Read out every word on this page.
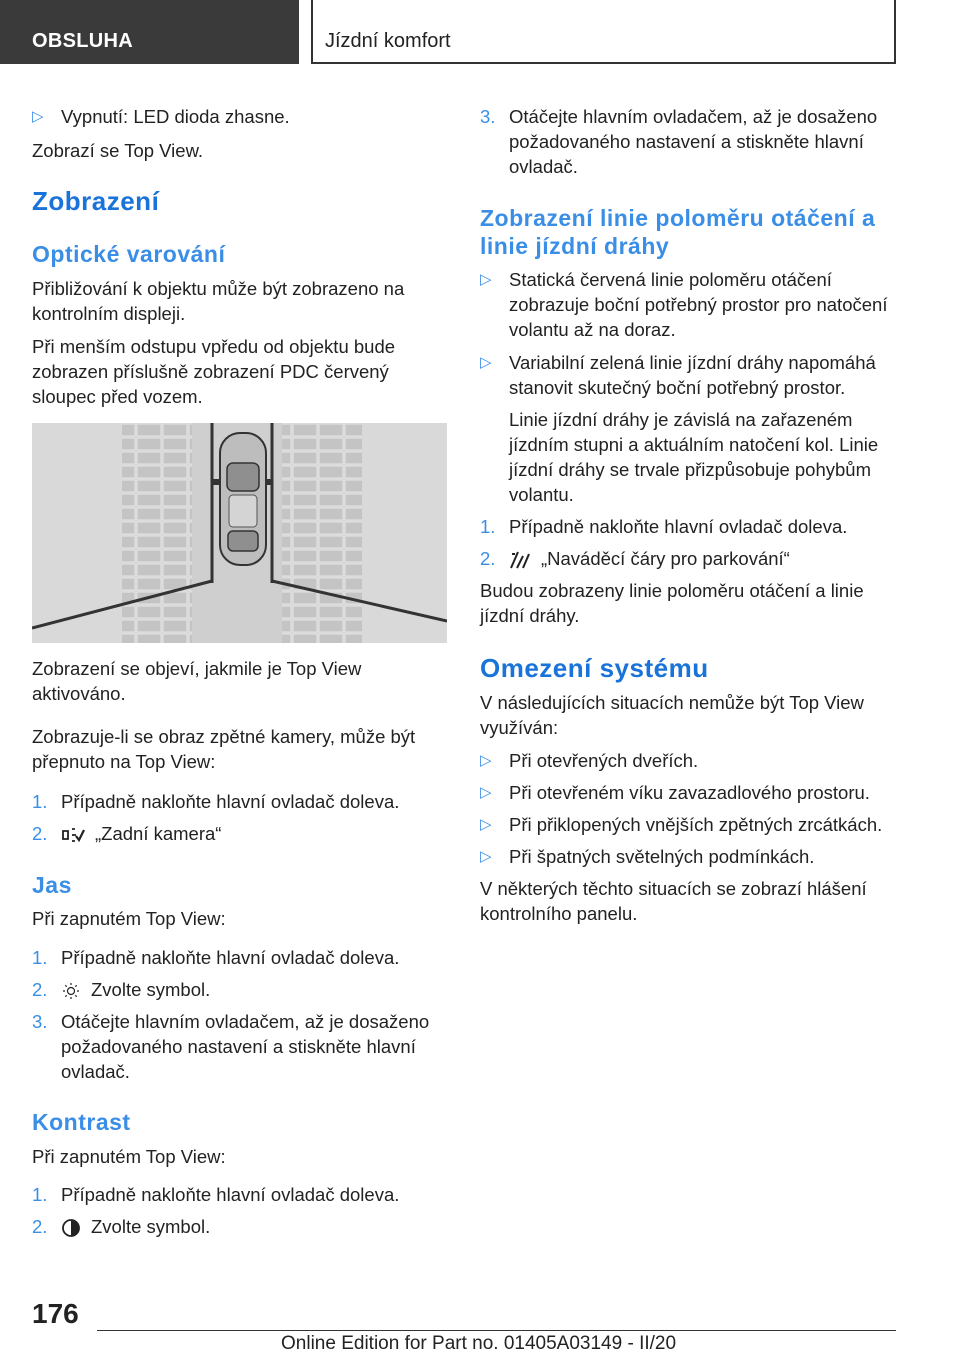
OBSLUHA	Jízdní komfort
▷ Vypnutí: LED dioda zhasne.

Zobrazí se Top View.

Zobrazení
Optické varování

Přibližování k objektu může být zobrazeno na kontrolním displeji.

Při menším odstupu vpředu od objektu bude zobrazen příslušně zobrazení PDC červený sloupec před vozem.

Zobrazení se objeví, jakmile je Top View aktivováno.

Zobrazuje-li se obraz zpětné kamery, může být přepnuto na Top View:

1. Případně nakloňte hlavní ovladač doleva.
2.	„Zadní kamera“
Jas

Při zapnutém Top View:

1. Případně nakloňte hlavní ovladač doleva.
2. Zvolte symbol.
3. Otáčejte hlavním ovladačem, až je dosaženo požadovaného nastavení a stiskněte hlavní ovladač.
Kontrast

Při zapnutém Top View:

1. Případně nakloňte hlavní ovladač doleva.
2. Zvolte symbol.
3. Otáčejte hlavním ovladačem, až je dosaženo požadovaného nastavení a stiskněte hlavní ovladač.
Zobrazení linie poloměru otáčení a linie jízdní dráhy
▷ Statická červená linie poloměru otáčení zobrazuje boční potřebný prostor pro natočení volantu až na doraz.
▷ Variabilní zelená linie jízdní dráhy napomáhá stanovit skutečný boční potřebný prostor.

Linie jízdní dráhy je závislá na zařazeném jízdním stupni a aktuálním natočení kol. Linie jízdní dráhy se trvale přizpůsobuje pohybům volantu.

1. Případně nakloňte hlavní ovladač doleva.
2. „Naváděcí čáry pro parkování“

Budou zobrazeny linie poloměru otáčení a linie jízdní dráhy.

Omezení systému

V následujících situacích nemůže být Top View využíván:

▷ Při otevřených dveřích.
▷ Při otevřeném víku zavazadlového prostoru.
▷ Při přiklopených vnějších zpětných zrcátkách.
▷ Při špatných světelných podmínkách.

V některých těchto situacích se zobrazí hlášení kontrolního panelu.

176
Online Edition for Part no. 01405A03149 - II/20
